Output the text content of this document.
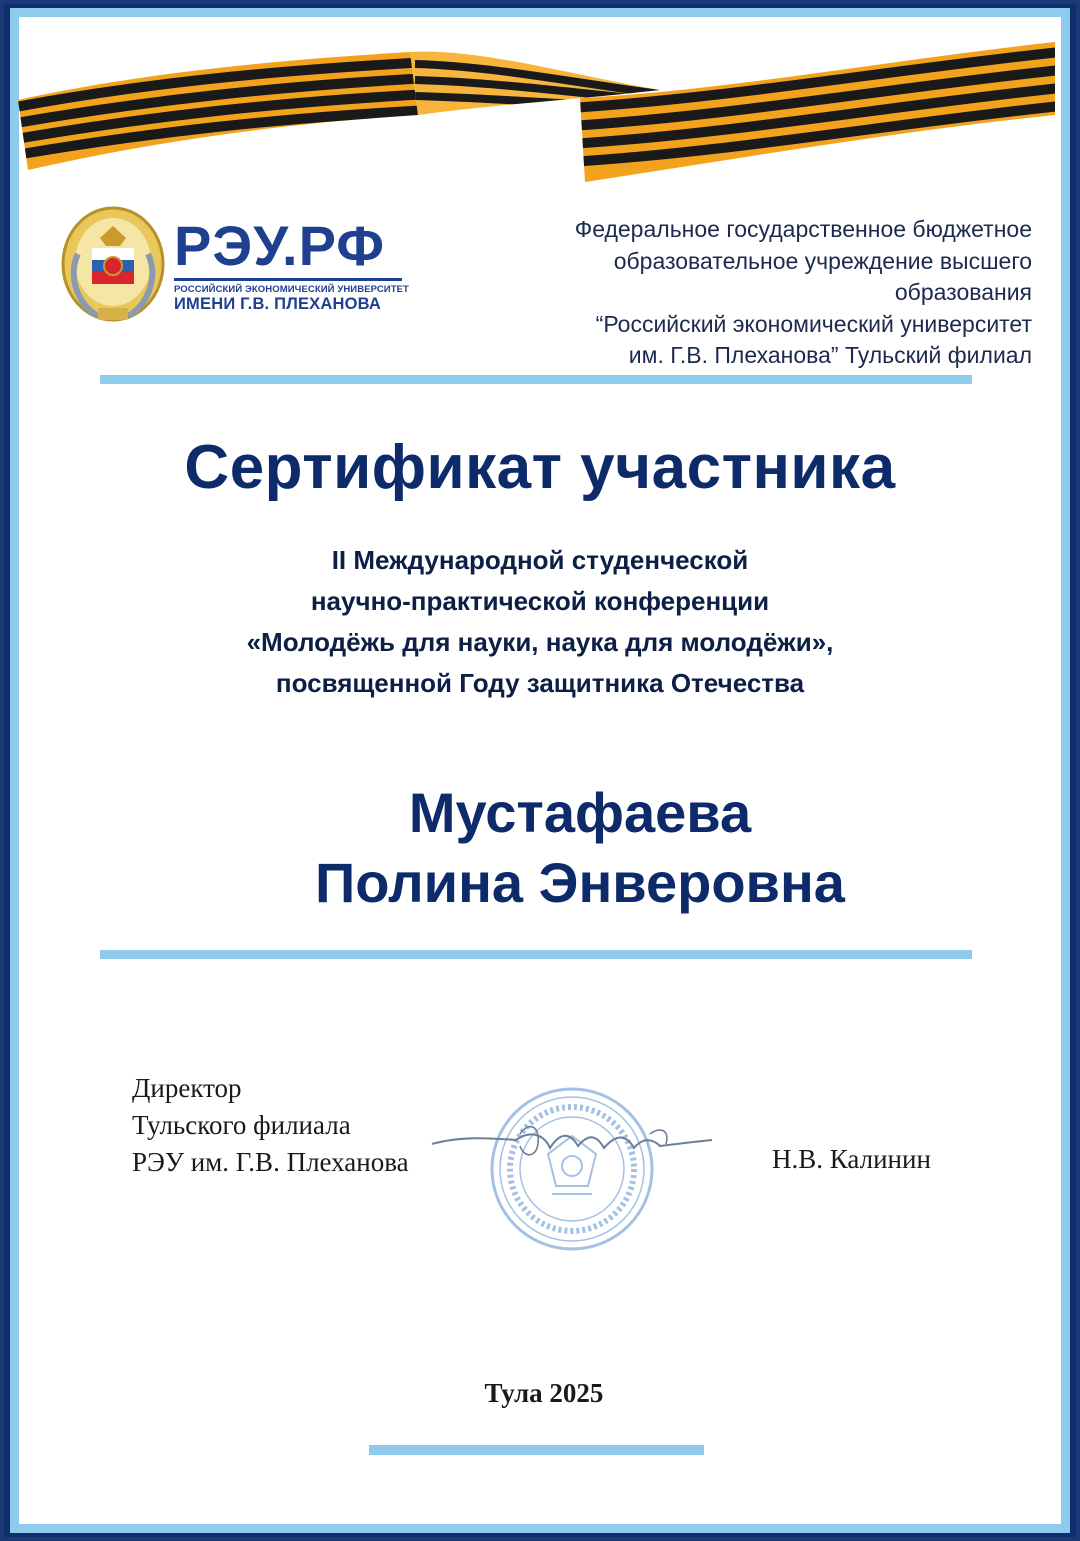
РЭУ.РФ
РОССИЙСКИЙ ЭКОНОМИЧЕСКИЙ УНИВЕРСИТЕТ
ИМЕНИ Г.В. ПЛЕХАНОВА
Федеральное государственное бюджетное
образовательное учреждение высшего образования
“Российский экономический университет
им. Г.В. Плеханова” Тульский филиал
Сертификат участника
II Международной студенческой
научно-практической конференции
«Молодёжь для науки, наука для молодёжи»,
посвященной Году защитника Отечества
Мустафаева
Полина Энверовна
Директор
Тульского филиала
РЭУ им. Г.В. Плеханова	Н.В. Калинин
Тула 2025
